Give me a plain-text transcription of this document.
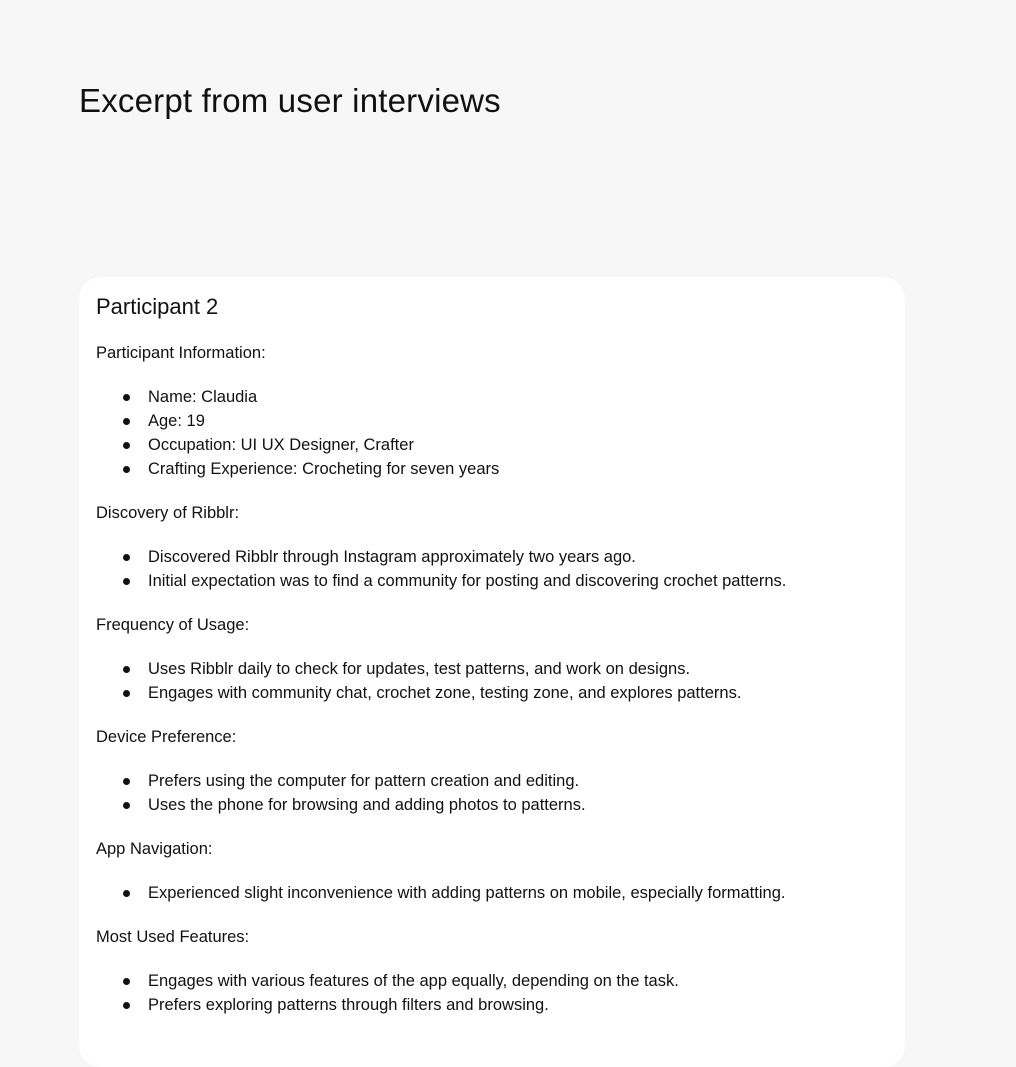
Excerpt from user interviews
Participant 2

Participant Information:

Name: Claudia
Age: 19
Occupation: UI UX Designer, Crafter
Crafting Experience: Crocheting for seven years

Discovery of Ribblr:

Discovered Ribblr through Instagram approximately two years ago.
Initial expectation was to find a community for posting and discovering crochet patterns.

Frequency of Usage:

Uses Ribblr daily to check for updates, test patterns, and work on designs.
Engages with community chat, crochet zone, testing zone, and explores patterns.

Device Preference:

Prefers using the computer for pattern creation and editing.
Uses the phone for browsing and adding photos to patterns.

App Navigation:

Experienced slight inconvenience with adding patterns on mobile, especially formatting.

Most Used Features:

Engages with various features of the app equally, depending on the task.
Prefers exploring patterns through filters and browsing.
